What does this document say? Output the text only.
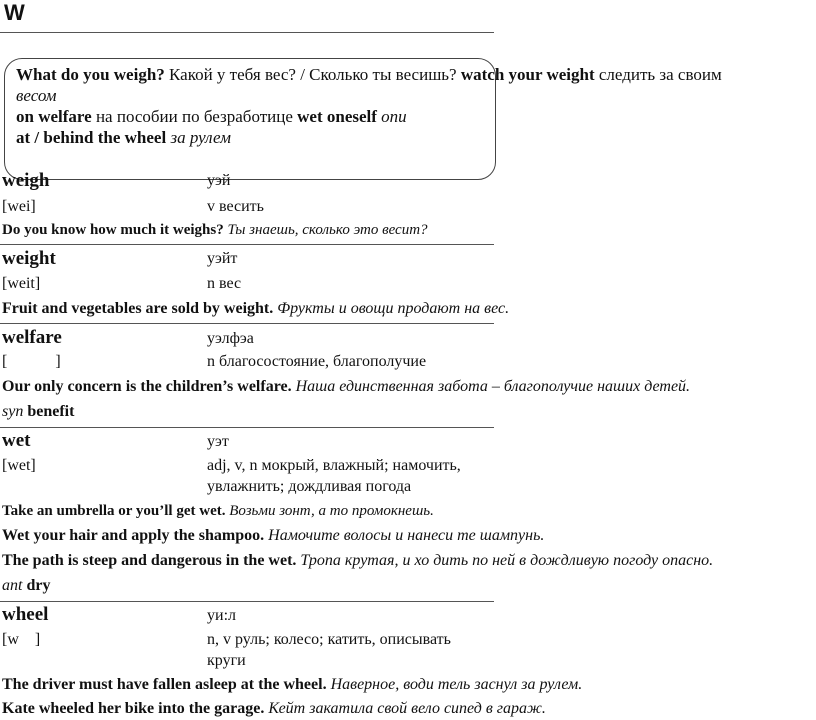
W
What do you weigh? Какой у тебя вес? / Сколько ты весишь? watch your weight следить за своим
весом
on welfare на пособии по безработице wet oneself опи
at / behind the wheel за рулем
weigh	уэй
[wei]	v весить
Do you know how much it weighs? Ты знаешь, сколько это весит?
weight	уэйт
[weit]	n вес
Fruit and vegetables are sold by weight. Фрукты и овощи продают на вес.
welfare	уэлфэа
[            ]	n благосостояние, благополучие
Our only concern is the children’s welfare. Наша единственная забота – благополучие наших детей.
syn benefit
wet	уэт
[wet]	adj, v, n мокрый, влажный; намочить,
увлажнить; дождливая погода
Take an umbrella or you’ll get wet. Возьми зонт, а то промокнешь.
Wet your hair and apply the shampoo. Намочите волосы и нанеси те шампунь.
The path is steep and dangerous in the wet. Тропа крутая, и хо дить по ней в дождливую погоду опасно.
ant dry
wheel	уи:л
[w    ]	n, v руль; колесо; катить, описывать
круги
The driver must have fallen asleep at the wheel. Наверное, води тель заснул за рулем.
Kate wheeled her bike into the garage. Кейт закатила свой вело сипед в гараж.
